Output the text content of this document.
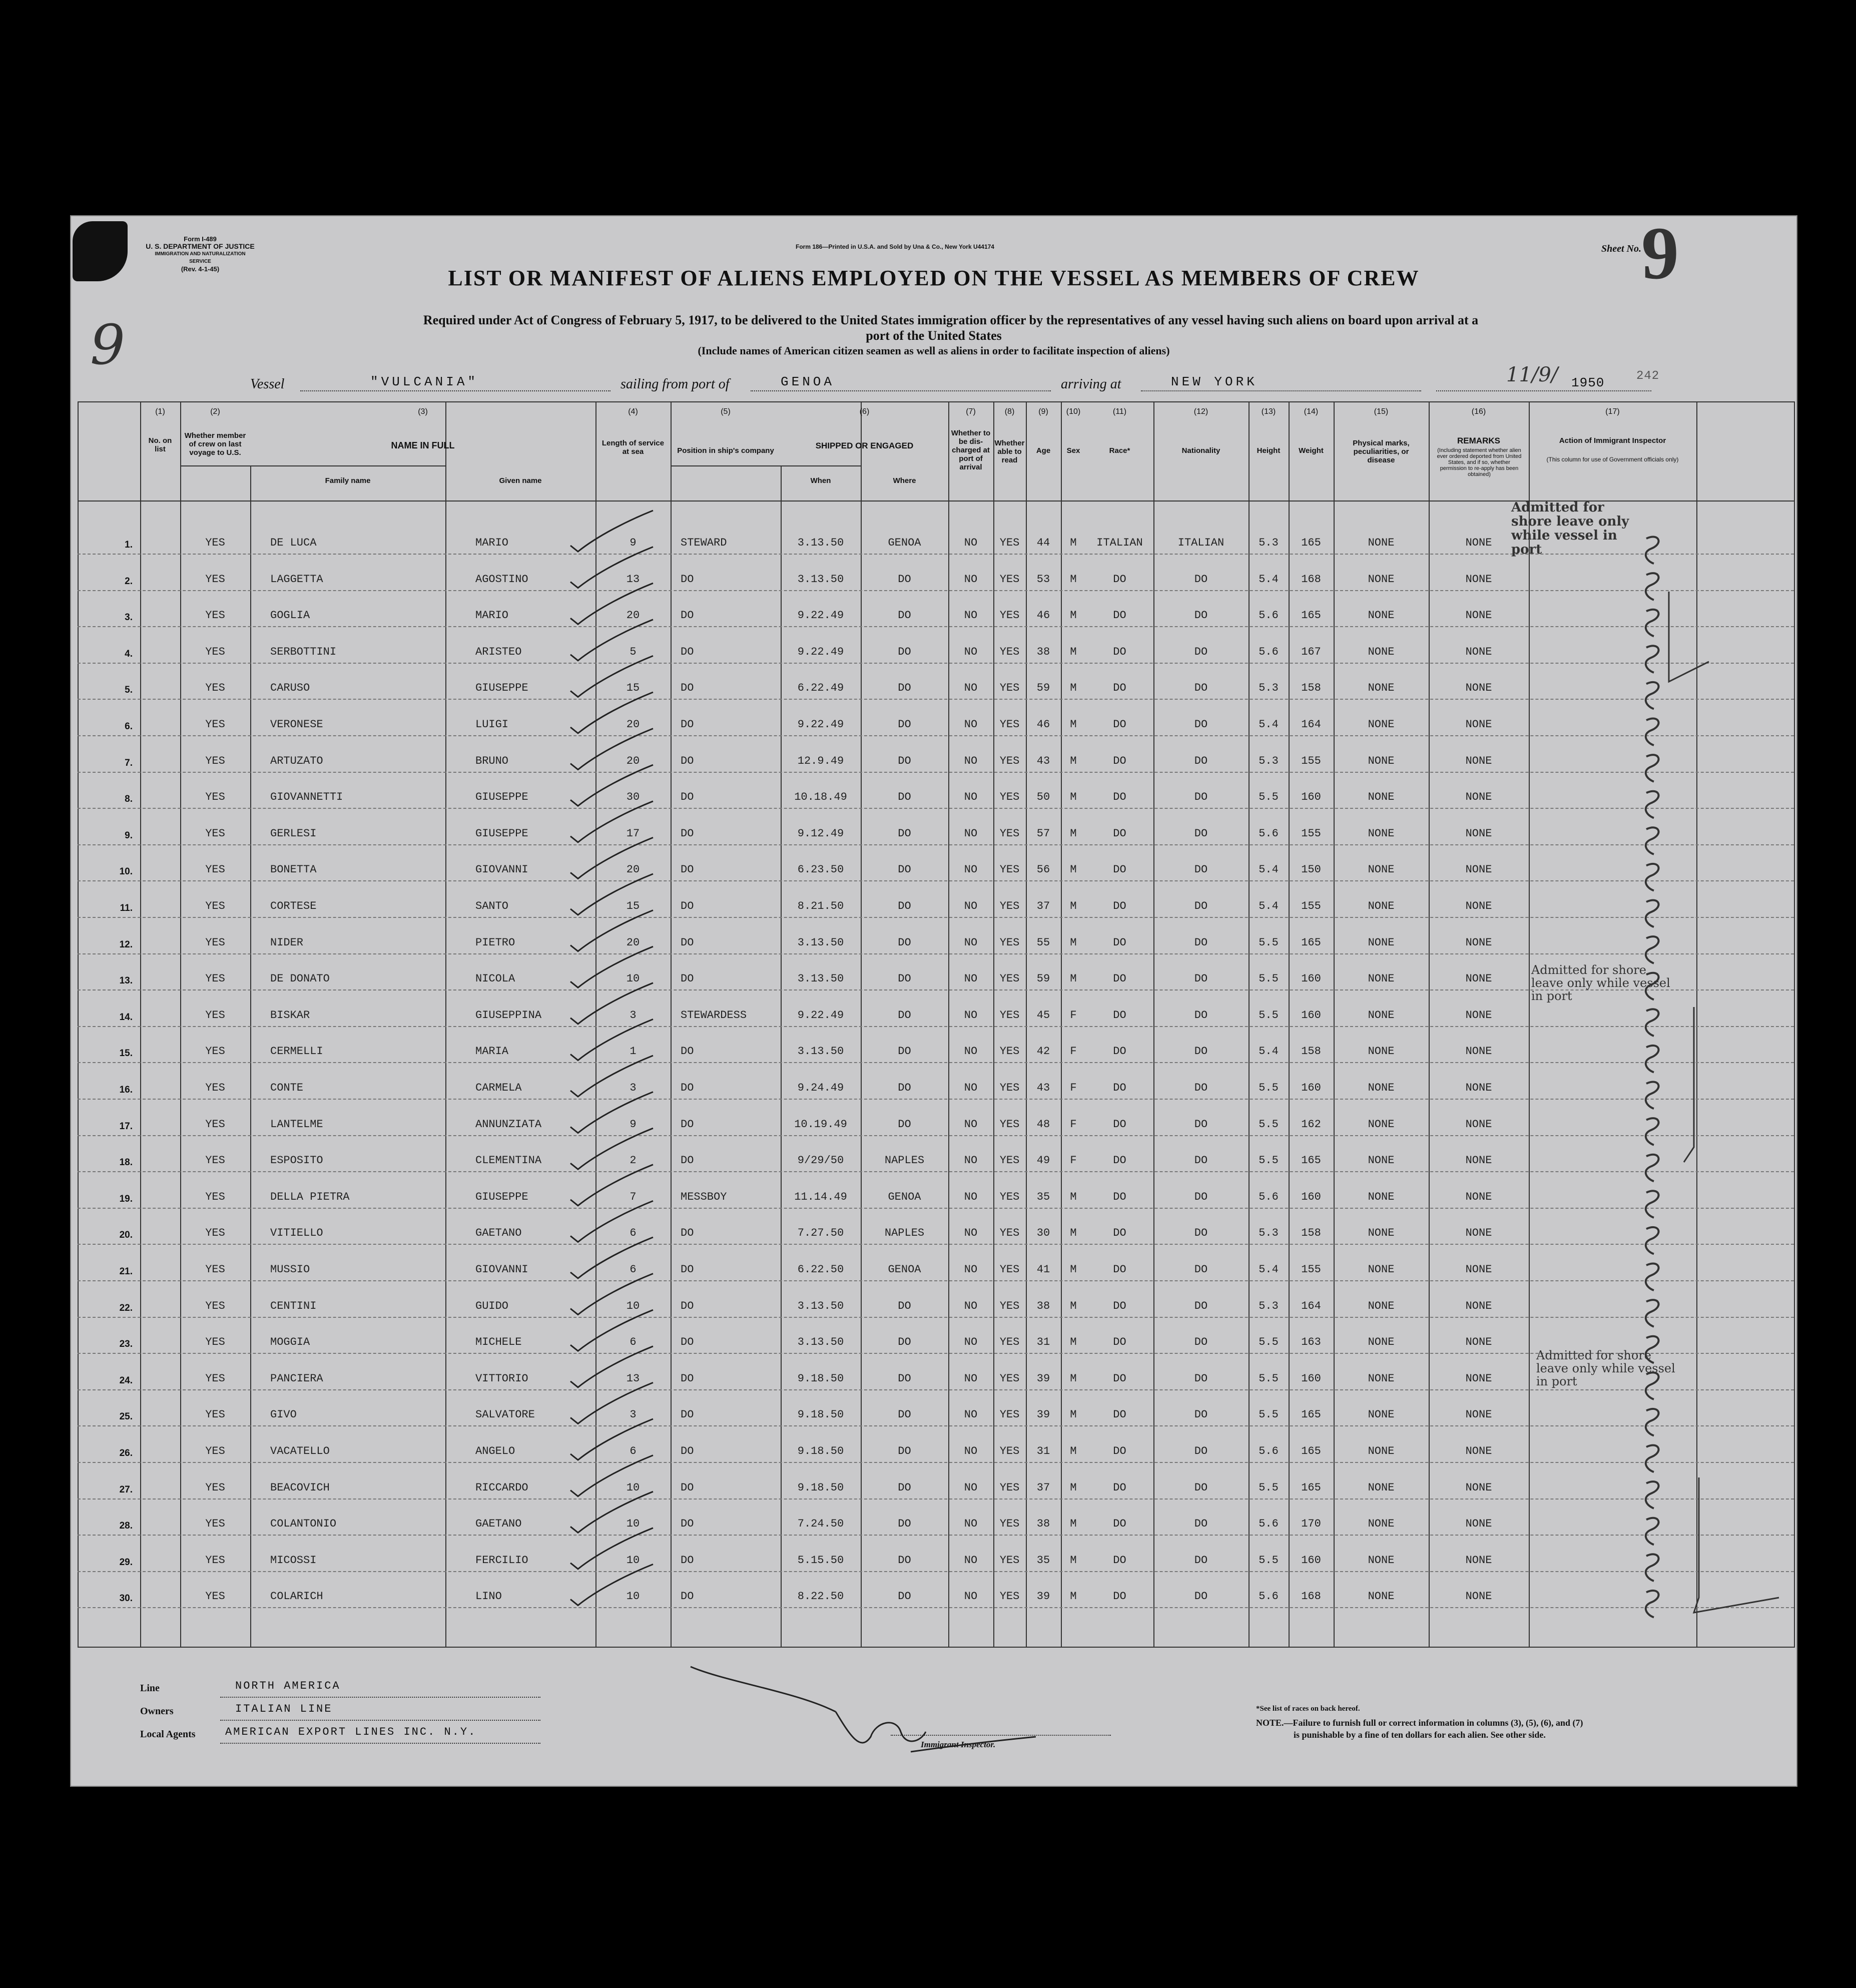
Form I-489
U. S. DEPARTMENT OF JUSTICE
IMMIGRATION AND NATURALIZATION SERVICE
(Rev. 4-1-45)
Form 186—Printed in U.S.A. and Sold by Una & Co., New York U44174	Sheet No. 9
LIST OR MANIFEST OF ALIENS EMPLOYED ON THE VESSEL AS MEMBERS OF CREW
Required under Act of Congress of February 5, 1917, to be delivered to the United States immigration officer by the representatives of any vessel having such aliens on board upon arrival at a
port of the United States
(Include names of American citizen seamen as well as aliens in order to facilitate inspection of aliens)
9
Vessel	"VULCANIA"	sailing from port of	GENOA	arriving at	NEW YORK	11/9/ 1950	242
(1)
No. on list
(2)
Whether member of crew on last voyage to U.S.
(3)
NAME IN FULL
Family name	Given name
(4)
Length of service at sea
(5)
Position in ship's company
(6)
SHIPPED OR ENGAGED
When	Where
(7)
Whether to be dis-charged at port of arrival
(8)
Whether able to read
(9)
Age
(10)
Sex
(11)
Race*
(12)
Nationality
(13)
Height
(14)
Weight
(15)
Physical marks, peculiarities, or disease
(16)
REMARKS
(Including statement whether alien ever ordered deported from United States, and if so, whether permission to re-apply has been obtained)
(17)
Action of Immigrant Inspector
(This column for use of Government officials only)
1.	YES	DE LUCA	MARIO	9	STEWARD	3.13.50	GENOA	NO	YES	44	M	ITALIAN	ITALIAN	5.3	165	NONE	NONE
2.	YES	LAGGETTA	AGOSTINO	13	DO	3.13.50	DO	NO	YES	53	M	DO	DO	5.4	168	NONE	NONE
3.	YES	GOGLIA	MARIO	20	DO	9.22.49	DO	NO	YES	46	M	DO	DO	5.6	165	NONE	NONE
4.	YES	SERBOTTINI	ARISTEO	5	DO	9.22.49	DO	NO	YES	38	M	DO	DO	5.6	167	NONE	NONE
5.	YES	CARUSO	GIUSEPPE	15	DO	6.22.49	DO	NO	YES	59	M	DO	DO	5.3	158	NONE	NONE
6.	YES	VERONESE	LUIGI	20	DO	9.22.49	DO	NO	YES	46	M	DO	DO	5.4	164	NONE	NONE
7.	YES	ARTUZATO	BRUNO	20	DO	12.9.49	DO	NO	YES	43	M	DO	DO	5.3	155	NONE	NONE
8.	YES	GIOVANNETTI	GIUSEPPE	30	DO	10.18.49	DO	NO	YES	50	M	DO	DO	5.5	160	NONE	NONE
9.	YES	GERLESI	GIUSEPPE	17	DO	9.12.49	DO	NO	YES	57	M	DO	DO	5.6	155	NONE	NONE
10.	YES	BONETTA	GIOVANNI	20	DO	6.23.50	DO	NO	YES	56	M	DO	DO	5.4	150	NONE	NONE
11.	YES	CORTESE	SANTO	15	DO	8.21.50	DO	NO	YES	37	M	DO	DO	5.4	155	NONE	NONE
12.	YES	NIDER	PIETRO	20	DO	3.13.50	DO	NO	YES	55	M	DO	DO	5.5	165	NONE	NONE
13.	YES	DE DONATO	NICOLA	10	DO	3.13.50	DO	NO	YES	59	M	DO	DO	5.5	160	NONE	NONE
14.	YES	BISKAR	GIUSEPPINA	3	STEWARDESS	9.22.49	DO	NO	YES	45	F	DO	DO	5.5	160	NONE	NONE
15.	YES	CERMELLI	MARIA	1	DO	3.13.50	DO	NO	YES	42	F	DO	DO	5.4	158	NONE	NONE
16.	YES	CONTE	CARMELA	3	DO	9.24.49	DO	NO	YES	43	F	DO	DO	5.5	160	NONE	NONE
17.	YES	LANTELME	ANNUNZIATA	9	DO	10.19.49	DO	NO	YES	48	F	DO	DO	5.5	162	NONE	NONE
18.	YES	ESPOSITO	CLEMENTINA	2	DO	9/29/50	NAPLES	NO	YES	49	F	DO	DO	5.5	165	NONE	NONE
19.	YES	DELLA PIETRA	GIUSEPPE	7	MESSBOY	11.14.49	GENOA	NO	YES	35	M	DO	DO	5.6	160	NONE	NONE
20.	YES	VITIELLO	GAETANO	6	DO	7.27.50	NAPLES	NO	YES	30	M	DO	DO	5.3	158	NONE	NONE
21.	YES	MUSSIO	GIOVANNI	6	DO	6.22.50	GENOA	NO	YES	41	M	DO	DO	5.4	155	NONE	NONE
22.	YES	CENTINI	GUIDO	10	DO	3.13.50	DO	NO	YES	38	M	DO	DO	5.3	164	NONE	NONE
23.	YES	MOGGIA	MICHELE	6	DO	3.13.50	DO	NO	YES	31	M	DO	DO	5.5	163	NONE	NONE
24.	YES	PANCIERA	VITTORIO	13	DO	9.18.50	DO	NO	YES	39	M	DO	DO	5.5	160	NONE	NONE
25.	YES	GIVO	SALVATORE	3	DO	9.18.50	DO	NO	YES	39	M	DO	DO	5.5	165	NONE	NONE
26.	YES	VACATELLO	ANGELO	6	DO	9.18.50	DO	NO	YES	31	M	DO	DO	5.6	165	NONE	NONE
27.	YES	BEACOVICH	RICCARDO	10	DO	9.18.50	DO	NO	YES	37	M	DO	DO	5.5	165	NONE	NONE
28.	YES	COLANTONIO	GAETANO	10	DO	7.24.50	DO	NO	YES	38	M	DO	DO	5.6	170	NONE	NONE
29.	YES	MICOSSI	FERCILIO	10	DO	5.15.50	DO	NO	YES	35	M	DO	DO	5.5	160	NONE	NONE
30.	YES	COLARICH	LINO	10	DO	8.22.50	DO	NO	YES	39	M	DO	DO	5.6	168	NONE	NONE
Admitted for shore leave only while vessel in port
Admitted for shore leave only while vessel in port
Admitted for shore leave only while vessel in port
Line	NORTH AMERICA
Owners	ITALIAN LINE
Local Agents	AMERICAN EXPORT LINES INC. N.Y.
Immigrant Inspector.
*See list of races on back hereof.
NOTE.—Failure to furnish full or correct information in columns (3), (5), (6), and (7)
is punishable by a fine of ten dollars for each alien. See other side.
